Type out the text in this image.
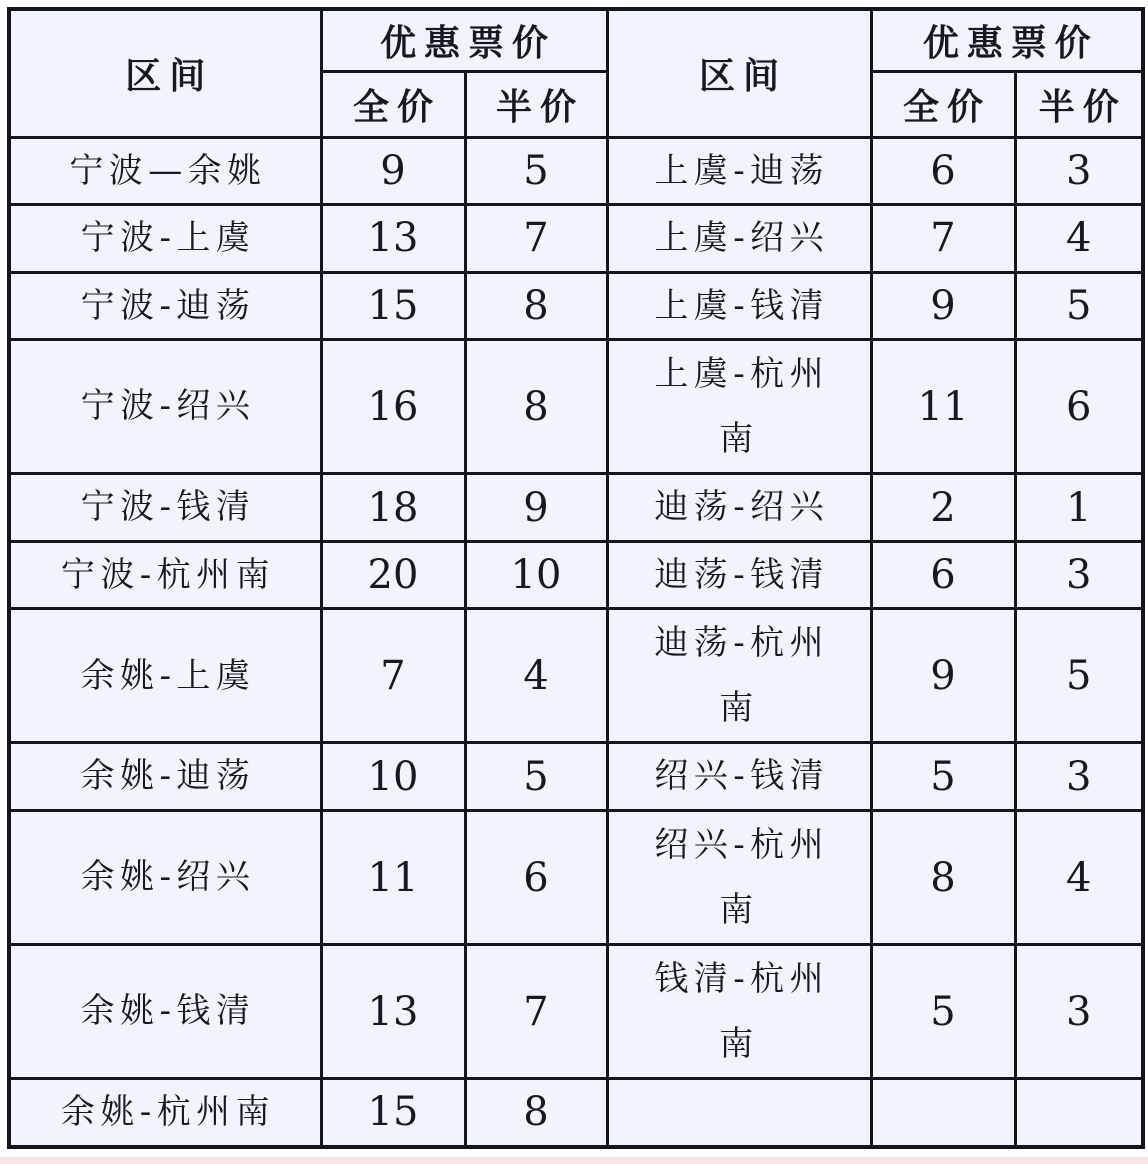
区间	优惠票价		区间	优惠票价	
	全价	半价		全价	半价
宁波—余姚	9	5	上虞-迪荡	6	3
宁波-上虞	13	7	上虞-绍兴	7	4
宁波-迪荡	15	8	上虞-钱清	9	5
宁波-绍兴	16	8	上虞-杭州南	11	6
宁波-钱清	18	9	迪荡-绍兴	2	1
宁波-杭州南	20	10	迪荡-钱清	6	3
余姚-上虞	7	4	迪荡-杭州南	9	5
余姚-迪荡	10	5	绍兴-钱清	5	3
余姚-绍兴	11	6	绍兴-杭州南	8	4
余姚-钱清	13	7	钱清-杭州南	5	3
余姚-杭州南	15	8			
